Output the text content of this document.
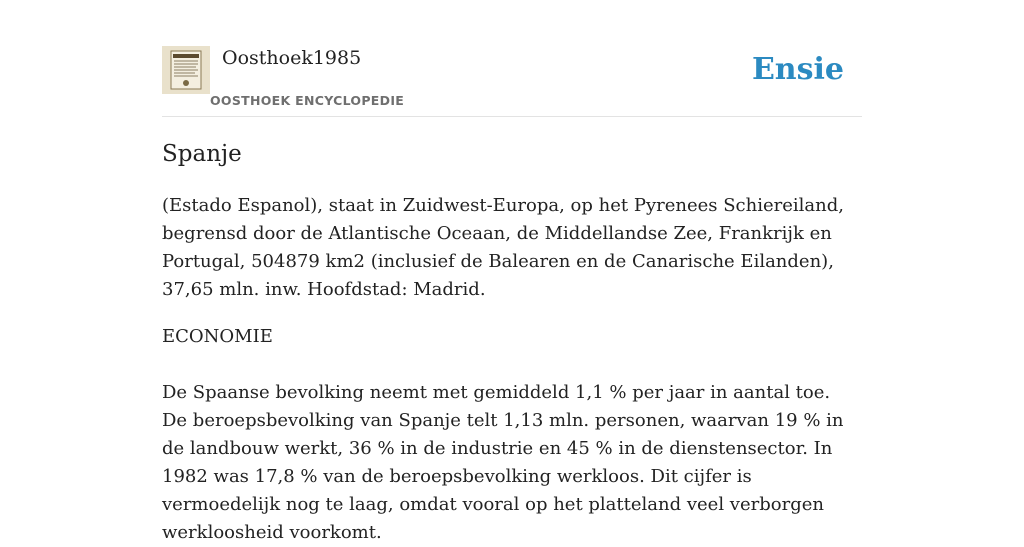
Oosthoek1985
OOSTHOEK ENCYCLOPEDIE
Ensie
Spanje

(Estado Espanol), staat in Zuidwest-Europa, op het Pyrenees Schiereiland, begrensd door de Atlantische Oceaan, de Middellandse Zee, Frankrijk en Portugal, 504879 km2 (inclusief de Balearen en de Canarische Eilanden), 37,65 mln. inw. Hoofdstad: Madrid.

ECONOMIE

De Spaanse bevolking neemt met gemiddeld 1,1 % per jaar in aantal toe. De beroepsbevolking van Spanje telt 1,13 mln. personen, waarvan 19 % in de landbouw werkt, 36 % in de industrie en 45 % in de dienstensector. In 1982 was 17,8 % van de beroepsbevolking werkloos. Dit cijfer is vermoedelijk nog te laag, omdat vooral op het platteland veel verborgen werkloosheid voorkomt.
